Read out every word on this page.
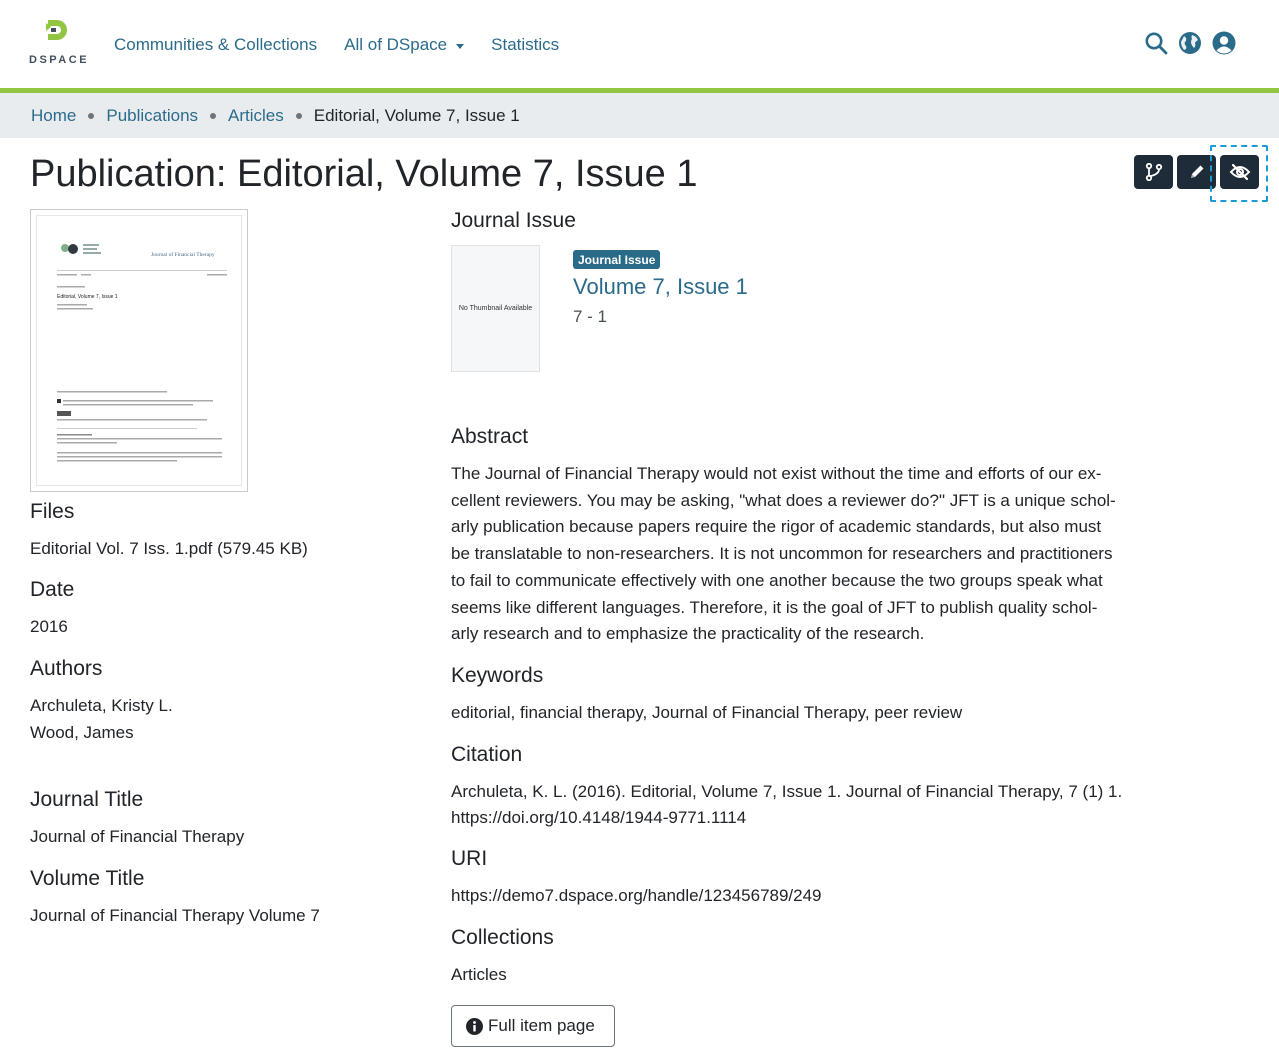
DSPACE
Communities & Collections All of DSpace	Statistics
Home Publications Articles Editorial, Volume 7, Issue 1
Publication: Editorial, Volume 7, Issue 1
Journal of Financial Therapy
Editorial, Volume 7, Issue 1
Files
Editorial Vol. 7 Iss. 1.pdf (579.45 KB)
Date
2016
Authors
Archuleta, Kristy L.
Wood, James
Journal Title
Journal of Financial Therapy
Volume Title
Journal of Financial Therapy Volume 7
Journal Issue
No Thumbnail Available
Journal Issue
Volume 7, Issue 1
7 - 1
Abstract
The Journal of Financial Therapy would not exist without the time and efforts of our ex-
cellent reviewers. You may be asking, "what does a reviewer do?" JFT is a unique schol-
arly publication because papers require the rigor of academic standards, but also must
be translatable to non-researchers. It is not uncommon for researchers and practitioners
to fail to communicate effectively with one another because the two groups speak what
seems like different languages. Therefore, it is the goal of JFT to publish quality schol-
arly research and to emphasize the practicality of the research.
Keywords
editorial, financial therapy, Journal of Financial Therapy, peer review
Citation
Archuleta, K. L. (2016). Editorial, Volume 7, Issue 1. Journal of Financial Therapy, 7 (1) 1.
https://doi.org/10.4148/1944-9771.1114
URI
https://demo7.dspace.org/handle/123456789/249
Collections
Articles
Full item page
